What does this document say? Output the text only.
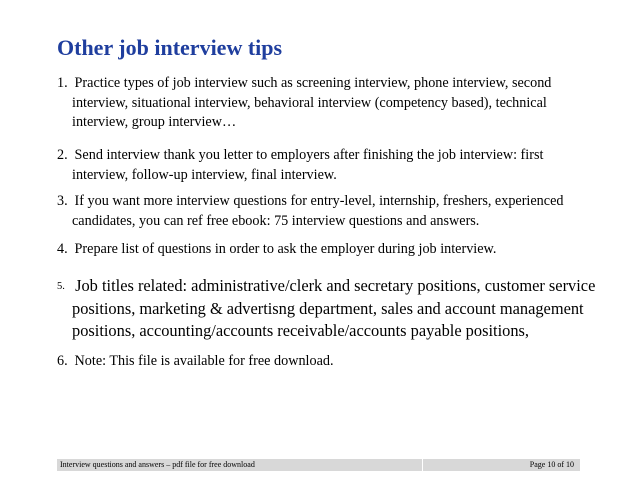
Other job interview tips
1. Practice types of job interview such as screening interview, phone interview, second
interview, situational interview, behavioral interview (competency based), technical
interview, group interview…
2. Send interview thank you letter to employers after finishing the job interview: first
interview, follow-up interview, final interview.
3. If you want more interview questions for entry-level, internship, freshers, experienced
candidates, you can ref free ebook: 75 interview questions and answers.
4. Prepare list of questions in order to ask the employer during job interview.
5. Job titles related: administrative/clerk and secretary positions, customer service
positions, marketing & advertisng department, sales and account management
positions, accounting/accounts receivable/accounts payable positions,
6. Note: This file is available for free download.
Interview questions and answers – pdf file for free download	Page 10 of 10
